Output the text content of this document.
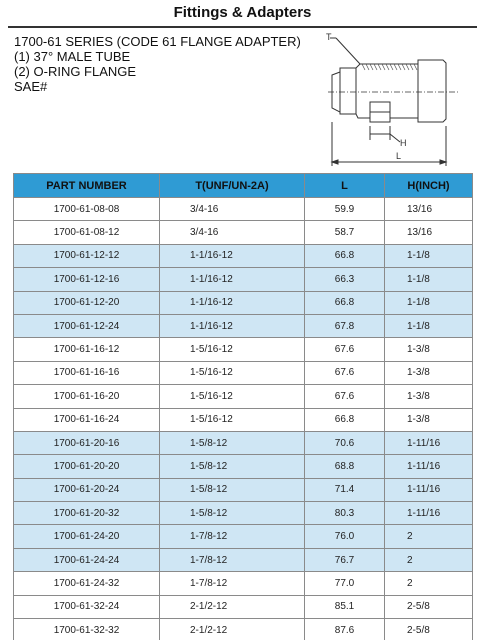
Fittings & Adapters
1700-61 SERIES (CODE 61 FLANGE ADAPTER)
(1) 37° MALE TUBE
(2) O-RING FLANGE
SAE#
T
H
L
PART NUMBER	T(UNF/UN-2A)	L	H(INCH)
1700-61-08-08	3/4-16	59.9	13/16
1700-61-08-12	3/4-16	58.7	13/16
1700-61-12-12	1-1/16-12	66.8	1-1/8
1700-61-12-16	1-1/16-12	66.3	1-1/8
1700-61-12-20	1-1/16-12	66.8	1-1/8
1700-61-12-24	1-1/16-12	67.8	1-1/8
1700-61-16-12	1-5/16-12	67.6	1-3/8
1700-61-16-16	1-5/16-12	67.6	1-3/8
1700-61-16-20	1-5/16-12	67.6	1-3/8
1700-61-16-24	1-5/16-12	66.8	1-3/8
1700-61-20-16	1-5/8-12	70.6	1-11/16
1700-61-20-20	1-5/8-12	68.8	1-11/16
1700-61-20-24	1-5/8-12	71.4	1-11/16
1700-61-20-32	1-5/8-12	80.3	1-11/16
1700-61-24-20	1-7/8-12	76.0	2
1700-61-24-24	1-7/8-12	76.7	2
1700-61-24-32	1-7/8-12	77.0	2
1700-61-32-24	2-1/2-12	85.1	2-5/8
1700-61-32-32	2-1/2-12	87.6	2-5/8
